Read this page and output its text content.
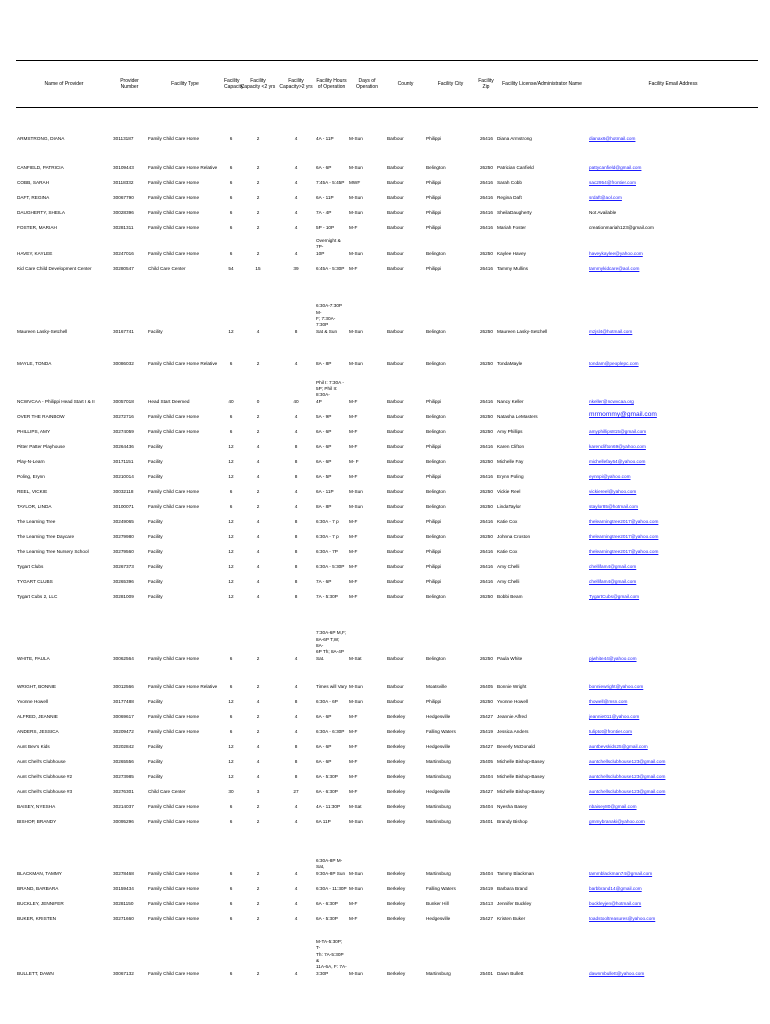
Name of Provider	Provider Number	Facility Type	Facility Capacity	Facility Capacity <2 yrs	Facility Capacity>2 yrs	Facility Hours of Operation	Days of Operation	County	Facility City	Facility Zip	Facility License/Administrator Name	Facility Email Address
ARMSTRONG, DIANA	30113187	Family Child Care Home	6	2	4	4A - 11P	M-Sun	Barbour	Philippi	26416	Diana Armstrong	dianax6@hotmail.com

CANFIELD, PATRICIA	30109443	Family Child Care Home Relative	6	2	4	6A - 6P	M-Sun	Barbour	Belington	26250	Patrician Canfield	pattycanfield@gmail.com
COBB, SARAH	30118332	Family Child Care Home	6	2	4	7:45A - 5:45P	MWF	Barbour	Philippi	26416	Sarah Cobb	sac2954@frontier.com
DAFT, REGINA	30067790	Family Child Care Home	6	2	4	6A - 11P	M-Sun	Barbour	Philippi	26416	Regina Daft	srdaft@aol.com
DAUGHERTY, SHEILA	30028396	Family Child Care Home	6	2	4	7A - 4P	M-Sun	Barbour	Philippi	26416	SheilaDaugherty	Not Available
FOSTER, MARIAH	30281311	Family Child Care Home	6	2	4	5P - 10P	M-F	Barbour	Philippi	26416	Mariah Foster	creationmariah123@gmail.com
HAVEY, KAYLEE	30247016	Family Child Care Home	6	2	4	Overnight & 7P-
10P	M-Sun	Barbour	Belington	26250	Kaylee Havey	haveykaylee@yahoo.com
Kid Care Child Development Center	30280547	Child Care Center	54	15	39	6:45A - 5:30P	M-F	Barbour	Philippi	26416	Tammy Mullins	tammykidcare@aol.com
Maureen Lasky-Setchell	30167741	Facility	12	4	8	6:30A-7:30P M-
F; 7:30A-7:30P
Sat & Sun	M-Sun	Barbour	Belington	26250	Maureen Lasky-Setchell	mzjsl4@hotmail.com
MAYLE, TONDA	30086032	Family Child Care Home Relative	6	2	4	8A - 8P	M-Sun	Barbour	Belington	26250	TondaMayle	tondam@peoplepc.com
NCWVCAA - Philippi Head Start I & II	30057018	Head Start Deemed	40	0	40	Phil I: 7:30A -
5P; Phil II: 8:30A-
4P	M-F	Barbour	Philippi	26416	Nancy Keller	nkeller@ncwvcaa.org
OVER THE RAINBOW	30272716	Family Child Care Home	6	2	4	5A - 9P	M-F	Barbour	Belington	26250	Natasha LeMasters	mrmommy@gmail.com
PHILLIPS, AMY	30274059	Family Child Care Home	6	2	4	6A - 6P	M-F	Barbour	Belington	26250	Amy Phillips	amyphillips815@gmail.com
Pitter Patter Playhouse	30264436	Facility	12	4	8	6A - 6P	M-F	Barbour	Philippi	26416	Karen Clifton	karenclifton69@yahoo.com
Play-N-Learn	30171151	Facility	12	4	8	6A - 6P	M- F	Barbour	Belington	26250	Michelle Fay	michellefay64@yahoo.com
Poling, Erynn	30210014	Facility	12	4	8	6A - 5P	M-F	Barbour	Philippi	26416	Erynn Poling	eynnpi@yahoo.com
REEL, VICKIE	30032118	Family Child Care Home	6	2	4	6A - 11P	M-Sun	Barbour	Belington	26250	Vickie Reel	vickiereel@yahoo.com
TAYLOR, LINDA	30100071	Family Child Care Home	6	2	4	8A - 8P	M-Sun	Barbour	Belington	26250	LindaTaylor	staylor85@hotmail.com
The Learning Tree	30249065	Facility	12	4	8	6:30A - 7 p	M-F	Barbour	Philippi	26416	Katie Cox	thelearningtree2017@yahoo.com
The Learning Tree Daycare	30279980	Facility	12	4	8	6:30A - 7 p	M-F	Barbour	Belington	26250	Johnna Croston	thelearningtree2017@yahoo.com
The Learning Tree Nursery School	30279560	Facility	12	4	8	6:30A - 7P	M-F	Barbour	Philippi	26416	Katie Cox	thelearningtree2017@yahoo.com
Tygart Clubs	30267373	Facility	12	4	8	6:30A - 5:30P	M-F	Barbour	Philippi	26416	Amy Chelli	chellifam4@gmail.com
TYGART CLUBS	30265396	Facility	12	4	8	7A - 6P	M-F	Barbour	Philippi	26416	Amy Chelli	chellifam4@gmail.com
Tygart Cubs 2, LLC	30281009	Facility	12	4	8	7A - 5:30P	M-F	Barbour	Belington	26250	Bobbi Beam	TygartCubs@gmail.com
WHITE, PAULA	30062564	Family Child Care Home	6	2	4	7:30A-6P M,F;
8A-6P T,W; 8A-
6P Th; 8A-4P
Sat.	M-Sat	Barbour	Belington	26250	Paula White	pjwhite44@yahoo.com
WRIGHT, BONNIE	30012566	Family Child Care Home Relative	6	2	4	Times will Vary	M-Sun	Barbour	Moatsville	26405	Bonnie Wright	bonniewright@yahoo.com
Yvonne Howell	30177488	Facility	12	4	8	6:30A - 6P	M-Sun	Barbour	Philippi	26250	Yvonne Howell	thowell@msn.com
ALFRED, JEANNIE	30069617	Family Child Care Home	6	2	4	6A - 6P	M-F	Berkeley	Hedgesville	25427	Jeannie Alfred	jeannie011@yahoo.com
ANDERS, JESSICA	30209472	Family Child Care Home	6	2	4	6:30A - 6:30P	M-F	Berkeley	Falling Waters	25419	Jessica Anders	tuliptot@frontier.com
Aunt Bev's Kids	30202842	Facility	12	4	8	6A - 6P	M-F	Berkeley	Hedgesville	25427	Beverly McDonald	auntbevskids25@gmail.com
Aunt Chell's Clubhouse	30265556	Facility	12	4	8	6A - 6P	M-F	Berkeley	Martinsburg	25405	Michelle Bishop-Basey	auntchellsclubhouse123@gmail.com
Aunt Chell's Clubhouse #2	30273985	Facility	12	4	8	6A - 5:30P	M-F	Berkeley	Martinsburg	25404	Michelle Bishop-Basey	auntchellsclubhouse123@gmail.com
Aunt Chell's Clubhouse #3	30276301	Child Care Center	30	3	27	6A - 6:30P	M-F	Berkeley	Hedgesville	25427	Michelle Bishop-Basey	auntchellsclubhouse123@gmail.com
BAISEY, NYESHA	30214037	Family Child Care Home	6	2	4	4A - 11:30P	M-Sat	Berkeley	Martinsburg	25404	Nyesha Basey	nbaisey80@gmail.com
BISHOP, BRANDY	30095296	Family Child Care Home	6	2	4	6A 11P	M-Sun	Berkeley	Martinsburg	25401	Brandy Bishop	gmmybranaki@yahoo.com
BLACKMAN, TAMMY	30278468	Family Child Care Home	6	2	4	6:30A-8P M-Sat,
9:30A-8P Sun	M-Sun	Berkeley	Martinsburg	25404	Tammy Blackman	tammblackman74@gmail.com
BRAND, BARBARA	30159434	Family Child Care Home	6	2	4	6:30A - 11:30P	M-Sun	Berkeley	Falling Waters	25419	Barbara Brand	barbbrand14@gmail.com
BUCKLEY, JENNIFER	30281150	Family Child Care Home	6	2	4	6A - 6:30P	M-F	Berkeley	Bunker Hill	25413	Jennifer Buckley	buckleyjen@hotmail.com
BUKER, KRISTEN	30271660	Family Child Care Home	6	2	4	6A - 5:30P	M-F	Berkeley	Hedgesville	25427	Kristen Buker	toadstooltreasures@yahoo.com
BULLETT, DAWN	30067132	Family Child Care Home	6	2	4	M-TA-5:30P; T-
Th: 7A-5:30P &
11A-6A, F: 7A-
3:30P	M-Sun	Berkeley	Martinsburg	25401	Dawn Bullett	dawnmbullett@yahoo.com
